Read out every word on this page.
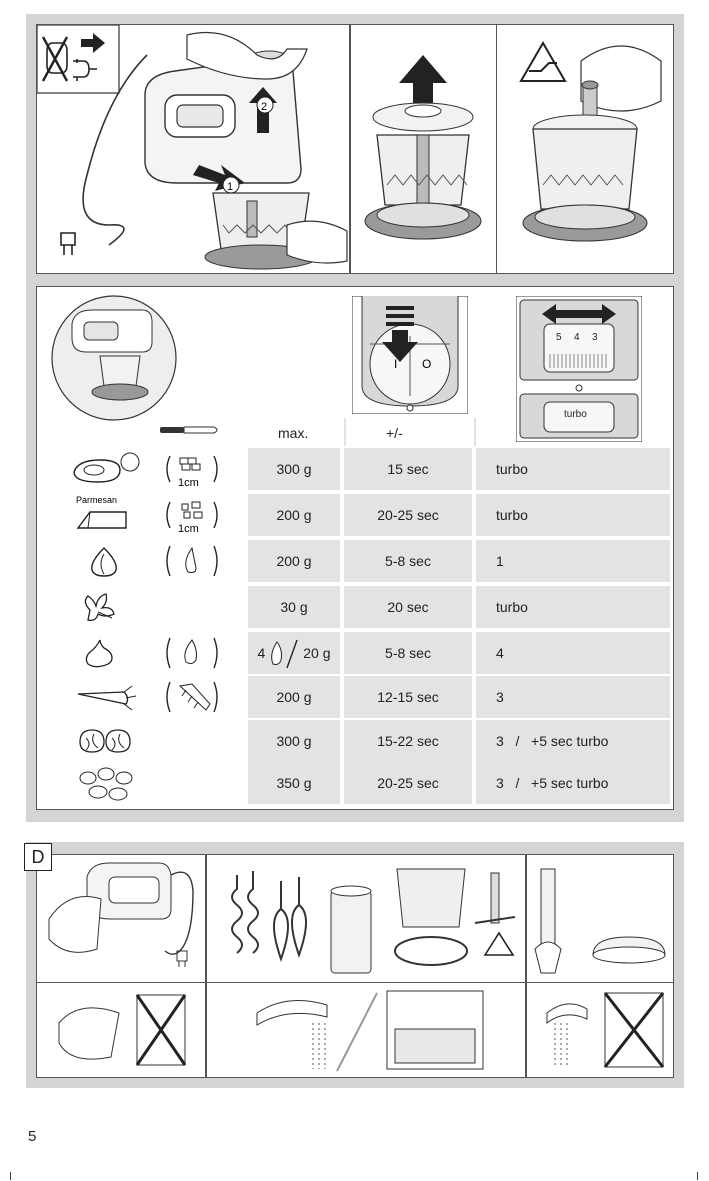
2
1
I O
5 4 3
turbo
max.	+/-
1cm
300 g	15 sec	turbo
Parmesan
1cm
200 g	20-25 sec	turbo
200 g	5-8 sec	1
30 g	20 sec	turbo
4	20 g	5-8 sec	4
200 g	12-15 sec	3
300 g	15-22 sec	3   /   +5 sec turbo
350 g	20-25 sec	3   /   +5 sec turbo
D
5
